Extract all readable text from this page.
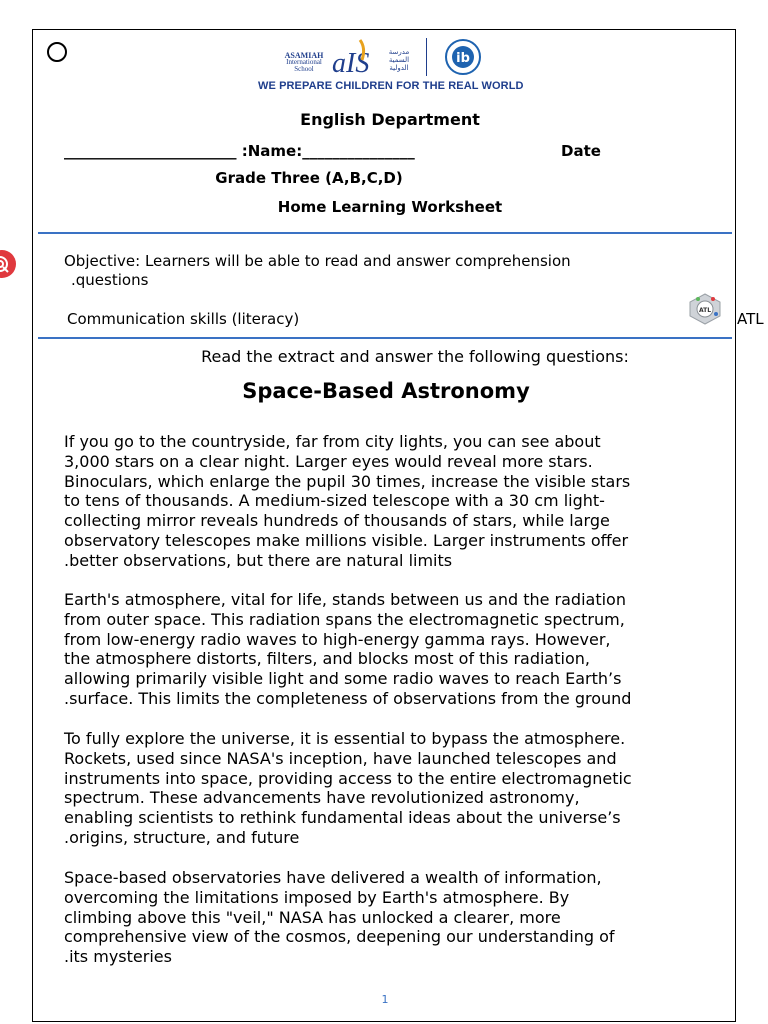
ASAMIAH
International
School aIS	مدرسة
السمية
الدولية
ib
WE PREPARE CHILDREN FOR THE REAL WORLD
English Department
_______________________ :Name:_______________	Date
Grade Three (A,B,C,D)
Home Learning Worksheet
Objective: Learners will be able to read and answer comprehension
.questions
Communication skills (literacy)	ATL ATL
Read the extract and answer the following questions:
Space-Based Astronomy
If you go to the countryside, far from city lights, you can see about
3,000 stars on a clear night. Larger eyes would reveal more stars.
Binoculars, which enlarge the pupil 30 times, increase the visible stars
to tens of thousands. A medium-sized telescope with a 30 cm light-
collecting mirror reveals hundreds of thousands of stars, while large
observatory telescopes make millions visible. Larger instruments offer
.better observations, but there are natural limits
Earth's atmosphere, vital for life, stands between us and the radiation
from outer space. This radiation spans the electromagnetic spectrum,
from low-energy radio waves to high-energy gamma rays. However,
the atmosphere distorts, filters, and blocks most of this radiation,
allowing primarily visible light and some radio waves to reach Earth’s
.surface. This limits the completeness of observations from the ground
To fully explore the universe, it is essential to bypass the atmosphere.
Rockets, used since NASA's inception, have launched telescopes and
instruments into space, providing access to the entire electromagnetic
spectrum. These advancements have revolutionized astronomy,
enabling scientists to rethink fundamental ideas about the universe’s
.origins, structure, and future
Space-based observatories have delivered a wealth of information,
overcoming the limitations imposed by Earth's atmosphere. By
climbing above this "veil," NASA has unlocked a clearer, more
comprehensive view of the cosmos, deepening our understanding of
.its mysteries
1
